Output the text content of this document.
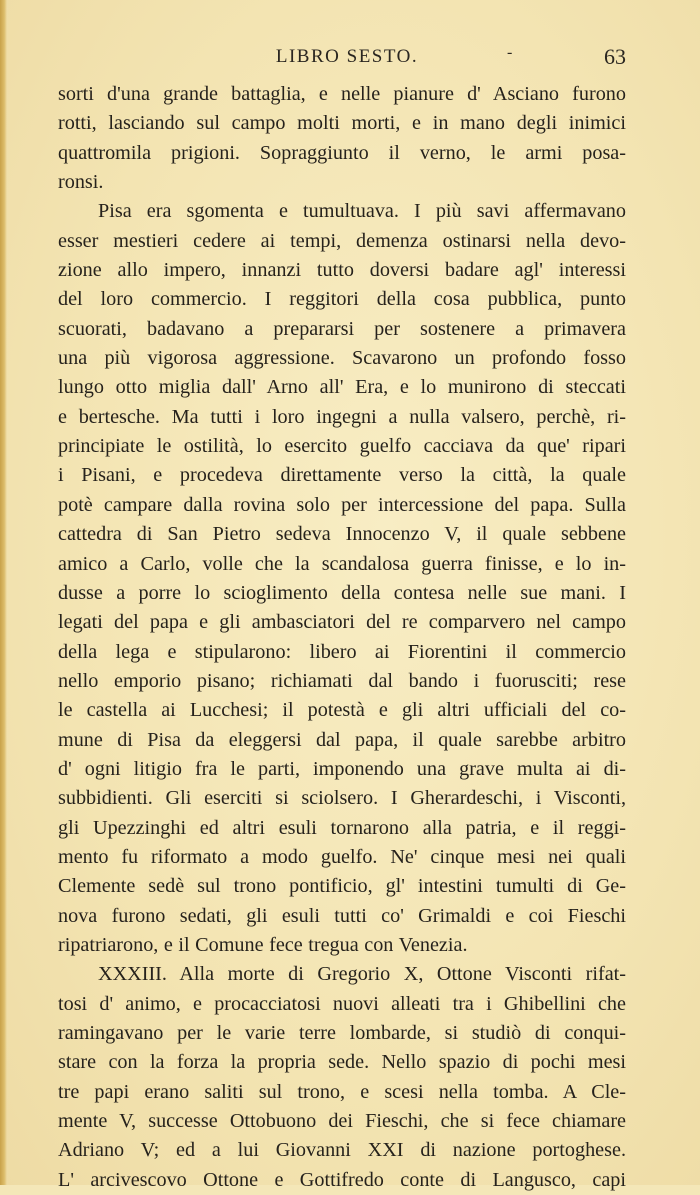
LIBRO SESTO.	-	63
sorti d'una grande battaglia, e nelle pianure d' Asciano furono
rotti, lasciando sul campo molti morti, e in mano degli inimici
quattromila prigioni. Sopraggiunto il verno, le armi posa-
ronsi.
Pisa era sgomenta e tumultuava. I più savi affermavano
esser mestieri cedere ai tempi, demenza ostinarsi nella devo-
zione allo impero, innanzi tutto doversi badare agl' interessi
del loro commercio. I reggitori della cosa pubblica, punto
scuorati, badavano a prepararsi per sostenere a primavera
una più vigorosa aggressione. Scavarono un profondo fosso
lungo otto miglia dall' Arno all' Era, e lo munirono di steccati
e bertesche. Ma tutti i loro ingegni a nulla valsero, perchè, ri-
principiate le ostilità, lo esercito guelfo cacciava da que' ripari
i Pisani, e procedeva direttamente verso la città, la quale
potè campare dalla rovina solo per intercessione del papa. Sulla
cattedra di San Pietro sedeva Innocenzo V, il quale sebbene
amico a Carlo, volle che la scandalosa guerra finisse, e lo in-
dusse a porre lo scioglimento della contesa nelle sue mani. I
legati del papa e gli ambasciatori del re comparvero nel campo
della lega e stipularono: libero ai Fiorentini il commercio
nello emporio pisano; richiamati dal bando i fuorusciti; rese
le castella ai Lucchesi; il potestà e gli altri ufficiali del co-
mune di Pisa da eleggersi dal papa, il quale sarebbe arbitro
d' ogni litigio fra le parti, imponendo una grave multa ai di-
subbidienti. Gli eserciti si sciolsero. I Gherardeschi, i Visconti,
gli Upezzinghi ed altri esuli tornarono alla patria, e il reggi-
mento fu riformato a modo guelfo. Ne' cinque mesi nei quali
Clemente sedè sul trono pontificio, gl' intestini tumulti di Ge-
nova furono sedati, gli esuli tutti co' Grimaldi e coi Fieschi
ripatriarono, e il Comune fece tregua con Venezia.
XXXIII. Alla morte di Gregorio X, Ottone Visconti rifat-
tosi d' animo, e procacciatosi nuovi alleati tra i Ghibellini che
ramingavano per le varie terre lombarde, si studiò di conqui-
stare con la forza la propria sede. Nello spazio di pochi mesi
tre papi erano saliti sul trono, e scesi nella tomba. A Cle-
mente V, successe Ottobuono dei Fieschi, che si fece chiamare
Adriano V; ed a lui Giovanni XXI di nazione portoghese.
L' arcivescovo Ottone e Gottifredo conte di Langusco, capi
